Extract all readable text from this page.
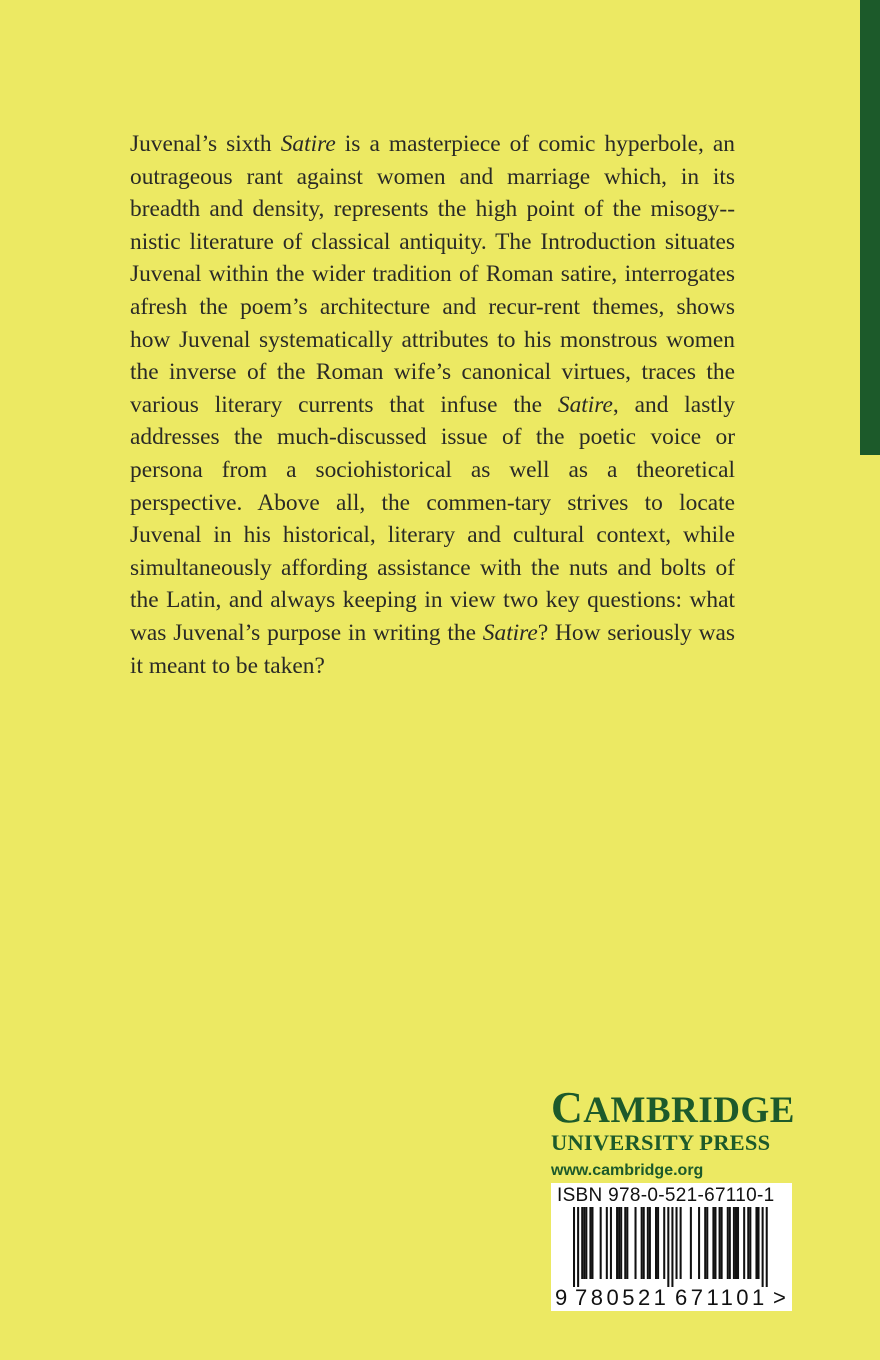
Juvenal’s sixth Satire is a masterpiece of comic hyperbole, an outrageous rant against women and marriage which, in its breadth and density, represents the high point of the misogy-nistic literature of classical antiquity. The Introduction situates Juvenal within the wider tradition of Roman satire, interrogates afresh the poem’s architecture and recur-rent themes, shows how Juvenal systematically attributes to his monstrous women the inverse of the Roman wife’s canonical virtues, traces the various literary currents that infuse the Satire, and lastly addresses the much-discussed issue of the poetic voice or persona from a sociohistorical as well as a theoretical perspective. Above all, the commen-tary strives to locate Juvenal in his historical, literary and cultural context, while simultaneously affording assistance with the nuts and bolts of the Latin, and always keeping in view two key questions: what was Juvenal’s purpose in writing the Satire? How seriously was it meant to be taken?

CAMBRIDGE
UNIVERSITY PRESS
www.cambridge.org
ISBN 978-0-521-67110-1
9 780521 671101 >
